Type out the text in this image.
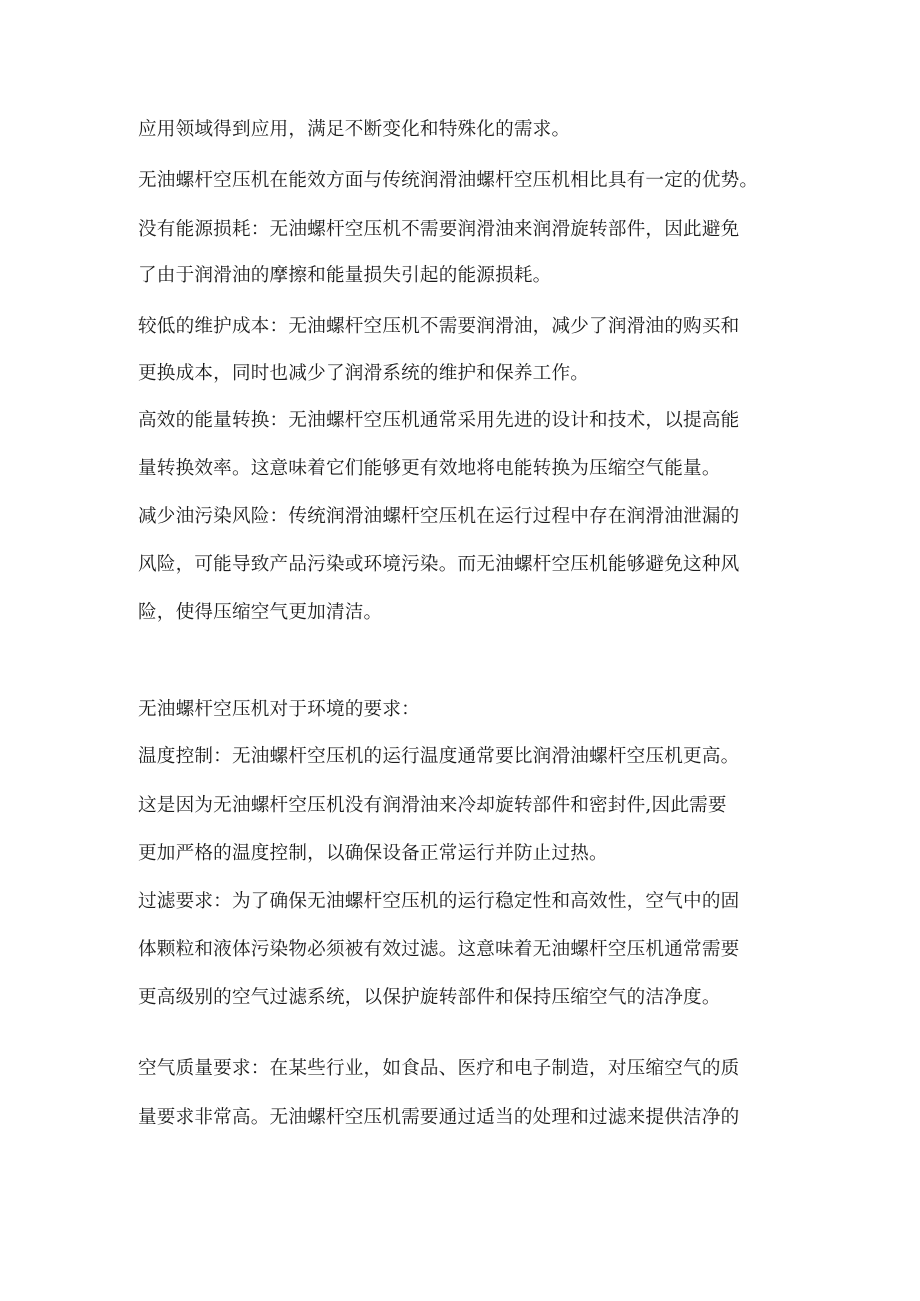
应用领域得到应用，满足不断变化和特殊化的需求。

无油螺杆空压机在能效方面与传统润滑油螺杆空压机相比具有一定的优势。

没有能源损耗：无油螺杆空压机不需要润滑油来润滑旋转部件，因此避免

了由于润滑油的摩擦和能量损失引起的能源损耗。

较低的维护成本：无油螺杆空压机不需要润滑油，减少了润滑油的购买和

更换成本，同时也减少了润滑系统的维护和保养工作。

高效的能量转换：无油螺杆空压机通常采用先进的设计和技术，以提高能

量转换效率。这意味着它们能够更有效地将电能转换为压缩空气能量。

减少油污染风险：传统润滑油螺杆空压机在运行过程中存在润滑油泄漏的

风险，可能导致产品污染或环境污染。而无油螺杆空压机能够避免这种风

险，使得压缩空气更加清洁。

无油螺杆空压机对于环境的要求：

温度控制：无油螺杆空压机的运行温度通常要比润滑油螺杆空压机更高。

这是因为无油螺杆空压机没有润滑油来冷却旋转部件和密封件,因此需要

更加严格的温度控制，以确保设备正常运行并防止过热。

过滤要求：为了确保无油螺杆空压机的运行稳定性和高效性，空气中的固

体颗粒和液体污染物必须被有效过滤。这意味着无油螺杆空压机通常需要

更高级别的空气过滤系统，以保护旋转部件和保持压缩空气的洁净度。

空气质量要求：在某些行业，如食品、医疗和电子制造，对压缩空气的质

量要求非常高。无油螺杆空压机需要通过适当的处理和过滤来提供洁净的
